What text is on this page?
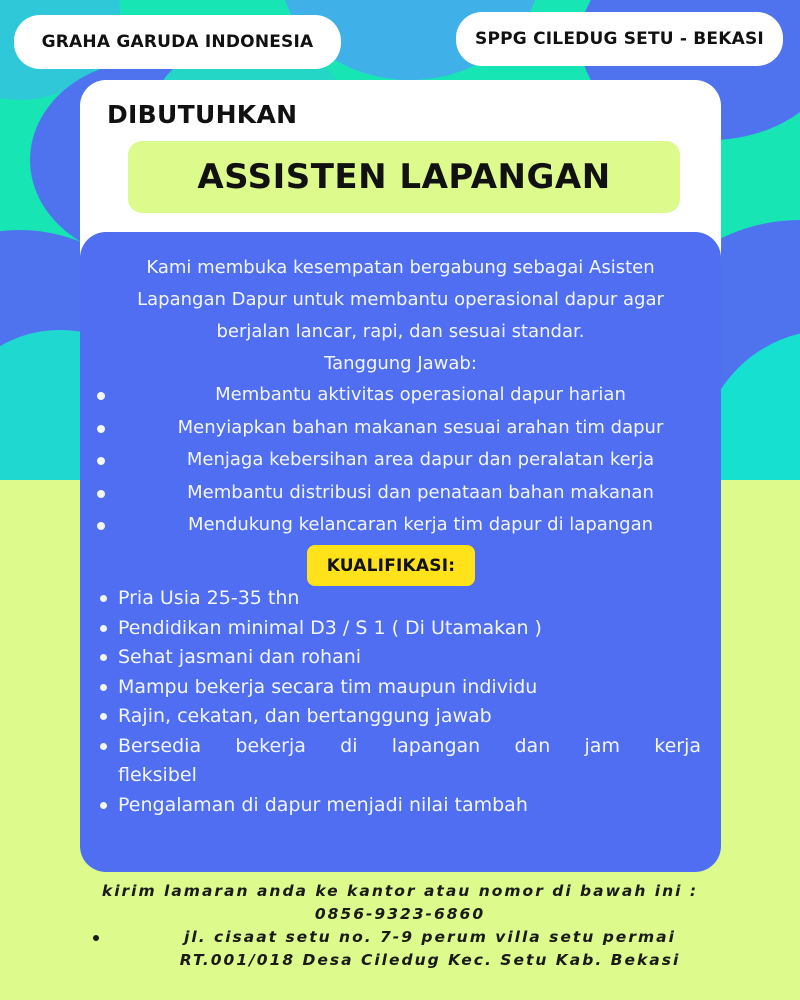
GRAHA GARUDA INDONESIA	SPPG CILEDUG SETU - BEKASI
DIBUTUHKAN
ASSISTEN LAPANGAN
Kami membuka kesempatan bergabung sebagai Asisten
Lapangan Dapur untuk membantu operasional dapur agar
berjalan lancar, rapi, dan sesuai standar.
Tanggung Jawab:
Membantu aktivitas operasional dapur harian
Menyiapkan bahan makanan sesuai arahan tim dapur
Menjaga kebersihan area dapur dan peralatan kerja
Membantu distribusi dan penataan bahan makanan
Mendukung kelancaran kerja tim dapur di lapangan
Pria Usia 25-35 thn
Pendidikan minimal D3 / S 1 ( Di Utamakan )
Sehat jasmani dan rohani
Mampu bekerja secara tim maupun individu
Rajin, cekatan, dan bertanggung jawab
Bersedia bekerja di lapangan dan jam kerja
fleksibel
Pengalaman di dapur menjadi nilai tambah
KUALIFIKASI:
kirim lamaran anda ke kantor atau nomor di bawah ini :
0856-9323-6860
jl. cisaat setu no. 7-9 perum villa setu permai
RT.001/018 Desa Ciledug Kec. Setu Kab. Bekasi
